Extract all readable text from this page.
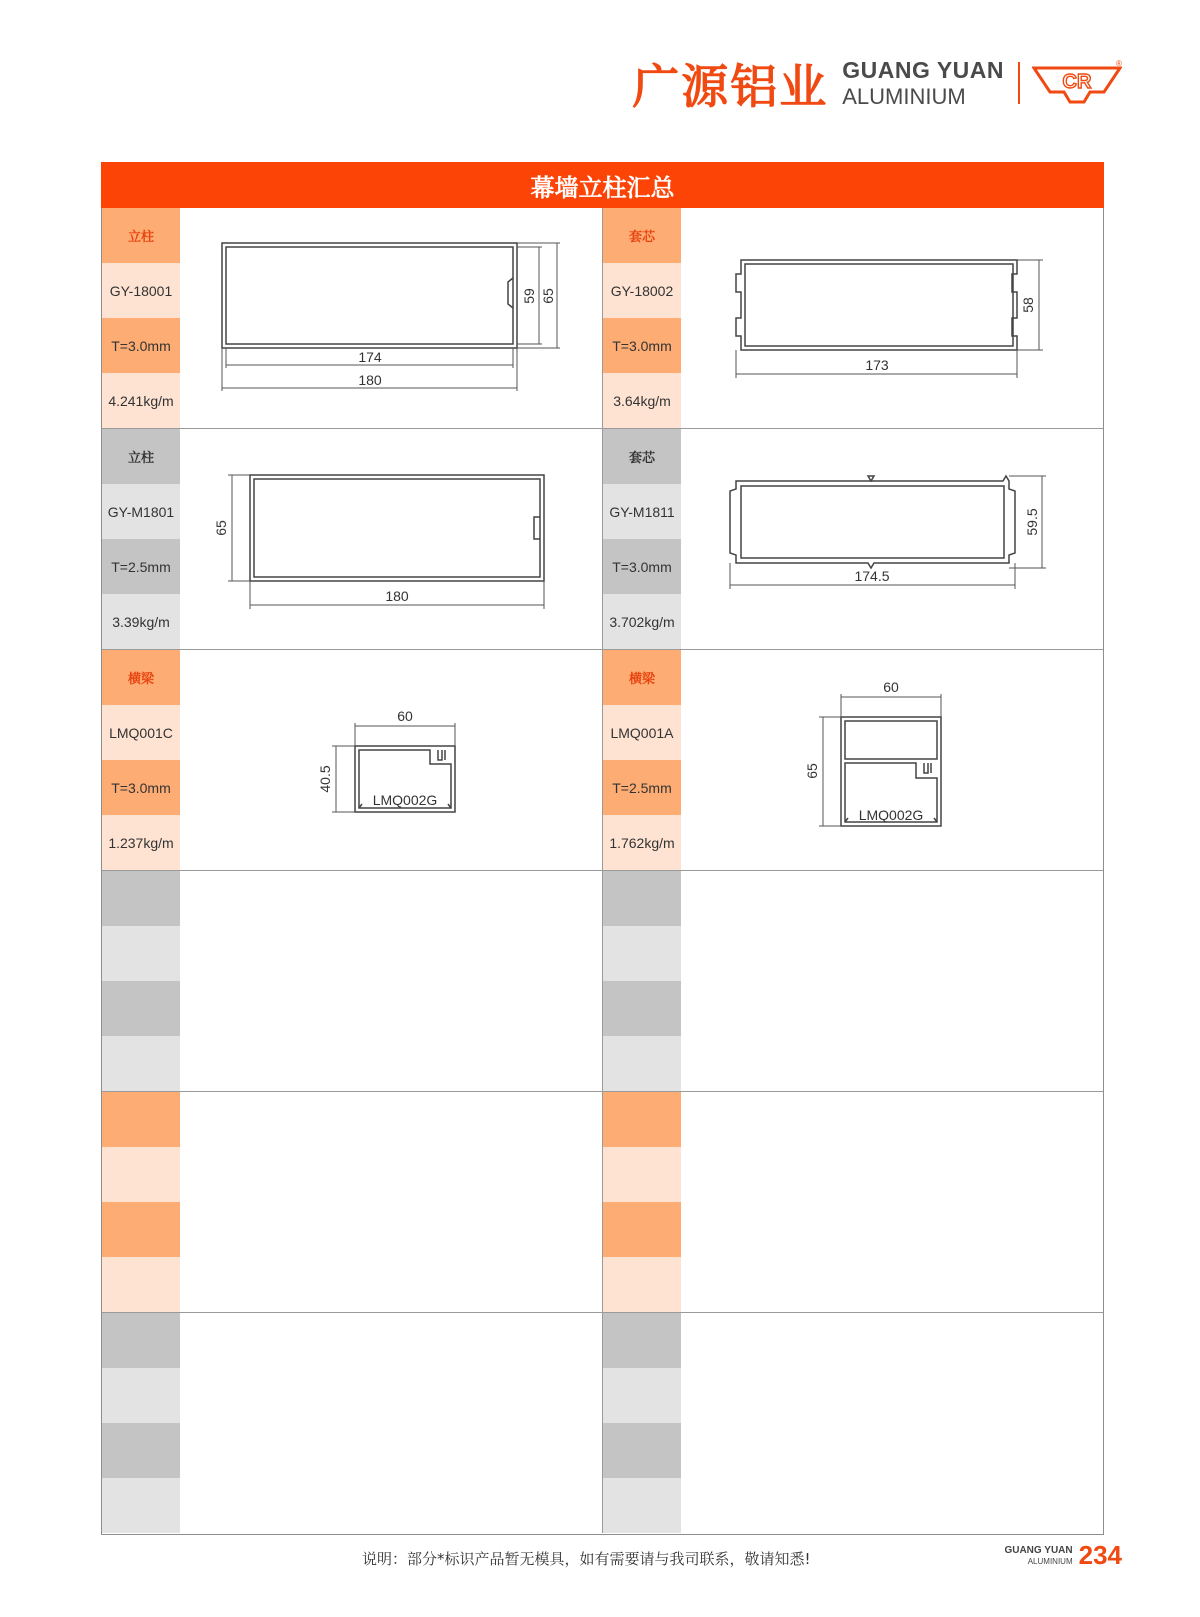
广源铝业 GUANG YUAN
ALUMINIUM
CR
®
幕墙立柱汇总
立柱
GY-18001
T=3.0mm
4.241kg/m
174
180
59 65
套芯
GY-18002
T=3.0mm
3.64kg/m
173
58
立柱
GY-M1801
T=2.5mm
3.39kg/m
180
65
套芯
GY-M1811
T=3.0mm
3.702kg/m
174.5
59.5
横梁
LMQ001C
T=3.0mm
1.237kg/m
60
40.5
LMQ002G
横梁
LMQ001A
T=2.5mm
1.762kg/m
60
65
LMQ002G
说明：部分*标识产品暂无模具，如有需要请与我司联系，敬请知悉!	GUANG YUAN
ALUMINIUM 234
